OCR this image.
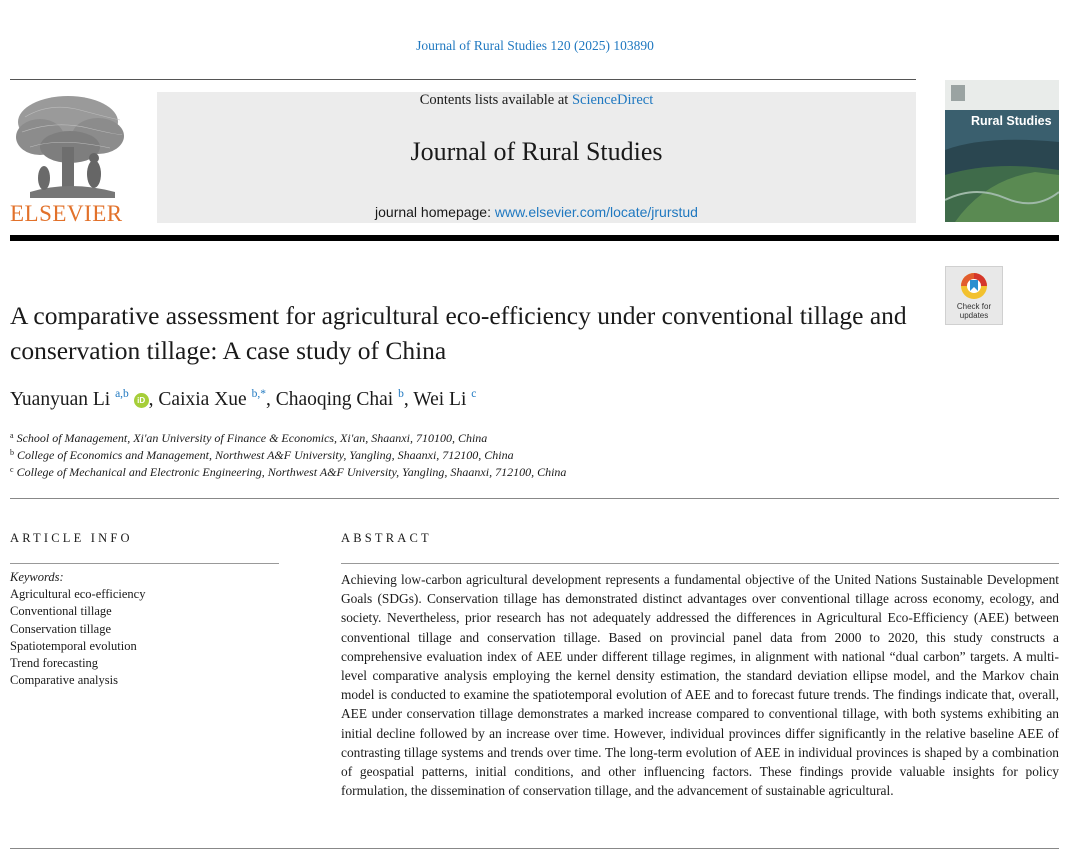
Journal of Rural Studies 120 (2025) 103890
ELSEVIER
Contents lists available at ScienceDirect
Journal of Rural Studies
journal homepage: www.elsevier.com/locate/jrurstud
Rural Studies
Check for
updates
A comparative assessment for agricultural eco-efficiency under conventional tillage and conservation tillage: A case study of China
Yuanyuan Li $^{a,b}$ iD , Caixia Xue $^{b,*}$, Chaoqing Chai $^b$, Wei Li $^c$
$^a$ School of Management, Xi'an University of Finance & Economics, Xi'an, Shaanxi, 710100, China
$^b$ College of Economics and Management, Northwest A&F University, Yangling, Shaanxi, 712100, China
$^c$ College of Mechanical and Electronic Engineering, Northwest A&F University, Yangling, Shaanxi, 712100, China
ARTICLE INFO
Keywords:
Agricultural eco-efficiency
Conventional tillage
Conservation tillage
Spatiotemporal evolution
Trend forecasting
Comparative analysis
ABSTRACT
Achieving low-carbon agricultural development represents a fundamental objective of the United Nations Sustainable Development Goals (SDGs). Conservation tillage has demonstrated distinct advantages over conventional tillage across economy, ecology, and society. Nevertheless, prior research has not adequately addressed the differences in Agricultural Eco-Efficiency (AEE) between conventional tillage and conservation tillage. Based on provincial panel data from 2000 to 2020, this study constructs a comprehensive evaluation index of AEE under different tillage regimes, in alignment with national “dual carbon” targets. A multi-level comparative analysis employing the kernel density estimation, the standard deviation ellipse model, and the Markov chain model is conducted to examine the spatiotemporal evolution of AEE and to forecast future trends. The findings indicate that, overall, AEE under conservation tillage demonstrates a marked increase compared to conventional tillage, with both systems exhibiting an initial decline followed by an increase over time. However, individual provinces differ significantly in the relative baseline AEE of contrasting tillage systems and trends over time. The long-term evolution of AEE in individual provinces is shaped by a combination of geospatial patterns, initial conditions, and other influencing factors. These findings provide valuable insights for policy formulation, the dissemination of conservation tillage, and the advancement of sustainable agricultural.
